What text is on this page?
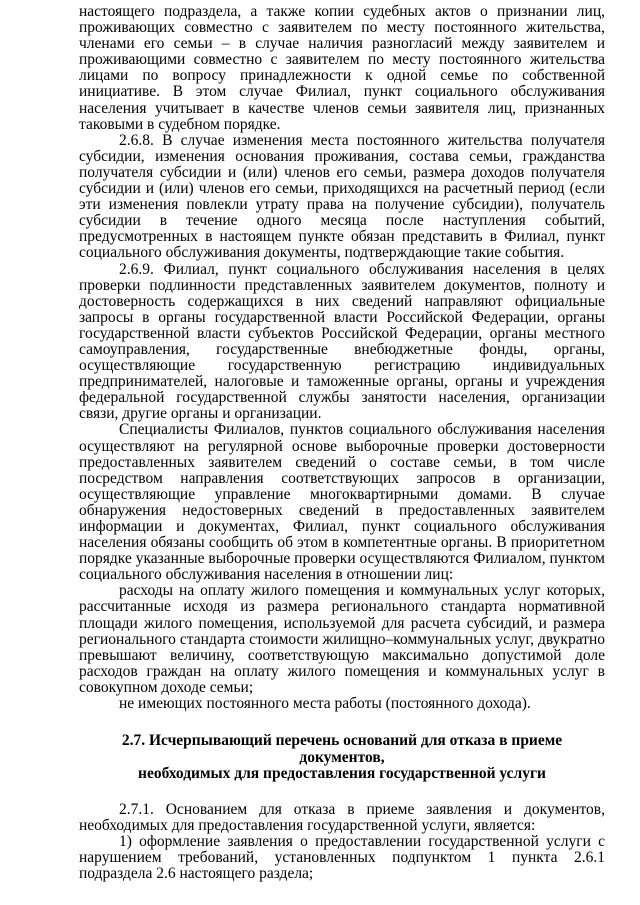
настоящего подраздела, а также копии судебных актов о признании лиц, проживающих совместно с заявителем по месту постоянного жительства, членами его семьи – в случае наличия разногласий между заявителем и проживающими совместно с заявителем по месту постоянного жительства лицами по вопросу принадлежности к одной семье по собственной инициативе. В этом случае Филиал, пункт социального обслуживания населения учитывает в качестве членов семьи заявителя лиц, признанных таковыми в судебном порядке.

2.6.8. В случае изменения места постоянного жительства получателя субсидии, изменения основания проживания, состава семьи, гражданства получателя субсидии и (или) членов его семьи, размера доходов получателя субсидии и (или) членов его семьи, приходящихся на расчетный период (если эти изменения повлекли утрату права на получение субсидии), получатель субсидии в течение одного месяца после наступления событий, предусмотренных в настоящем пункте обязан представить в Филиал, пункт социального обслуживания документы, подтверждающие такие события.

2.6.9. Филиал, пункт социального обслуживания населения в целях проверки подлинности представленных заявителем документов, полноту и достоверность содержащихся в них сведений направляют официальные запросы в органы государственной власти Российской Федерации, органы государственной власти субъектов Российской Федерации, органы местного самоуправления, государственные внебюджетные фонды, органы, осуществляющие государственную регистрацию индивидуальных предпринимателей, налоговые и таможенные органы, органы и учреждения федеральной государственной службы занятости населения, организации связи, другие органы и организации.

Специалисты Филиалов, пунктов социального обслуживания населения осуществляют на регулярной основе выборочные проверки достоверности предоставленных заявителем сведений о составе семьи, в том числе посредством направления соответствующих запросов в организации, осуществляющие управление многоквартирными домами. В случае обнаружения недостоверных сведений в предоставленных заявителем информации и документах, Филиал, пункт социального обслуживания населения обязаны сообщить об этом в компетентные органы. В приоритетном порядке указанные выборочные проверки осуществляются Филиалом, пунктом социального обслуживания населения в отношении лиц:

расходы на оплату жилого помещения и коммунальных услуг которых, рассчитанные исходя из размера регионального стандарта нормативной площади жилого помещения, используемой для расчета субсидий, и размера регионального стандарта стоимости жилищно–коммунальных услуг, двукратно превышают величину, соответствующую максимально допустимой доле расходов граждан на оплату жилого помещения и коммунальных услуг в совокупном доходе семьи;

не имеющих постоянного места работы (постоянного дохода).

2.7. Исчерпывающий перечень оснований для отказа в приеме документов,
необходимых для предоставления государственной услуги

2.7.1. Основанием для отказа в приеме заявления и документов, необходимых для предоставления государственной услуги, является:

1) оформление заявления о предоставлении государственной услуги с нарушением требований, установленных подпунктом 1 пункта 2.6.1 подраздела 2.6 настоящего раздела;
